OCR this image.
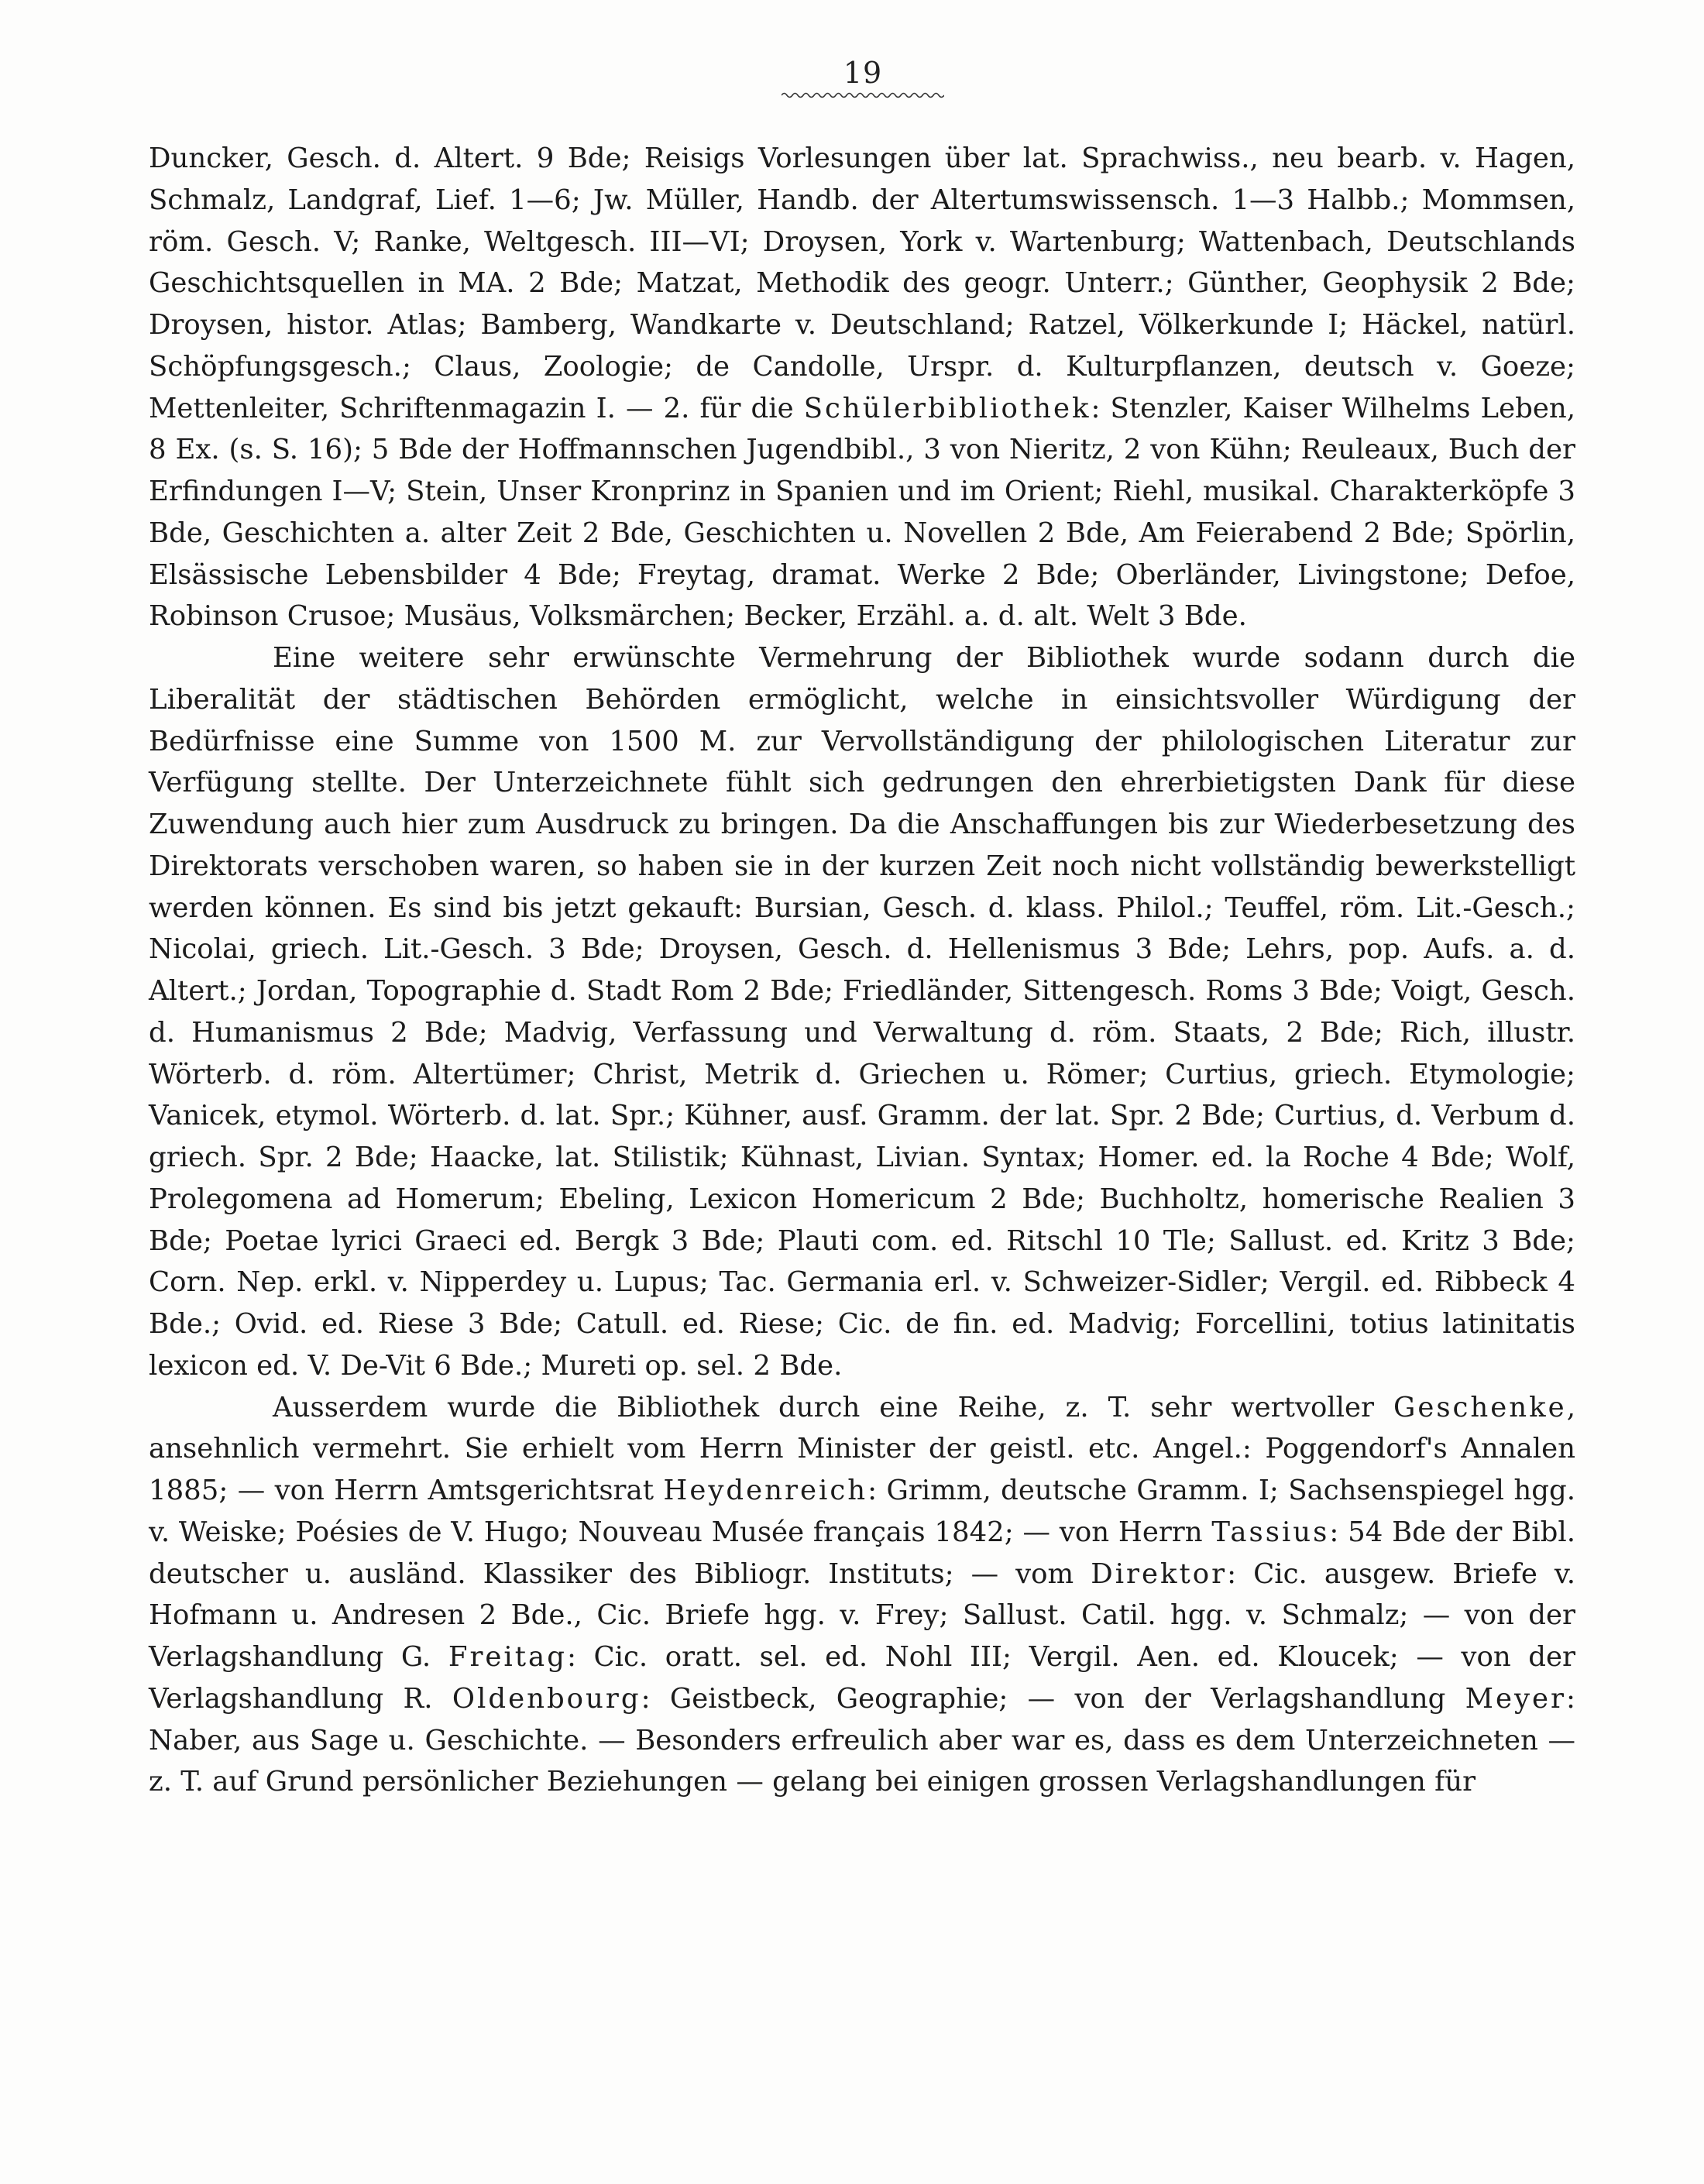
19

Duncker, Gesch. d. Altert. 9 Bde; Reisigs Vorlesungen über lat. Sprachwiss., neu bearb. v. Hagen, Schmalz, Landgraf, Lief. 1—6; Jw. Müller, Handb. der Altertumswissensch. 1—3 Halbb.; Mommsen, röm. Gesch. V; Ranke, Weltgesch. III—VI; Droysen, York v. Wartenburg; Wattenbach, Deutschlands Geschichtsquellen in MA. 2 Bde; Matzat, Methodik des geogr. Unterr.; Günther, Geophysik 2 Bde; Droysen, histor. Atlas; Bamberg, Wandkarte v. Deutschland; Ratzel, Völkerkunde I; Häckel, natürl. Schöpfungsgesch.; Claus, Zoologie; de Candolle, Urspr. d. Kulturpflanzen, deutsch v. Goeze; Mettenleiter, Schriftenmagazin I. — 2. für die Schülerbibliothek: Stenzler, Kaiser Wilhelms Leben, 8 Ex. (s. S. 16); 5 Bde der Hoffmannschen Jugendbibl., 3 von Nieritz, 2 von Kühn; Reuleaux, Buch der Erfindungen I—V; Stein, Unser Kronprinz in Spanien und im Orient; Riehl, musikal. Charakterköpfe 3 Bde, Geschichten a. alter Zeit 2 Bde, Geschichten u. Novellen 2 Bde, Am Feierabend 2 Bde; Spörlin, Elsässische Lebensbilder 4 Bde; Freytag, dramat. Werke 2 Bde; Oberländer, Livingstone; Defoe, Robinson Crusoe; Musäus, Volksmärchen; Becker, Erzähl. a. d. alt. Welt 3 Bde.

Eine weitere sehr erwünschte Vermehrung der Bibliothek wurde sodann durch die Liberalität der städtischen Behörden ermöglicht, welche in einsichtsvoller Würdigung der Bedürfnisse eine Summe von 1500 M. zur Vervollständigung der philologischen Literatur zur Verfügung stellte. Der Unterzeichnete fühlt sich gedrungen den ehrerbietigsten Dank für diese Zuwendung auch hier zum Ausdruck zu bringen. Da die Anschaffungen bis zur Wiederbesetzung des Direktorats verschoben waren, so haben sie in der kurzen Zeit noch nicht vollständig bewerkstelligt werden können. Es sind bis jetzt gekauft: Bursian, Gesch. d. klass. Philol.; Teuffel, röm. Lit.-Gesch.; Nicolai, griech. Lit.-Gesch. 3 Bde; Droysen, Gesch. d. Hellenismus 3 Bde; Lehrs, pop. Aufs. a. d. Altert.; Jordan, Topographie d. Stadt Rom 2 Bde; Friedländer, Sittengesch. Roms 3 Bde; Voigt, Gesch. d. Humanismus 2 Bde; Madvig, Verfassung und Verwaltung d. röm. Staats, 2 Bde; Rich, illustr. Wörterb. d. röm. Altertümer; Christ, Metrik d. Griechen u. Römer; Curtius, griech. Etymologie; Vanicek, etymol. Wörterb. d. lat. Spr.; Kühner, ausf. Gramm. der lat. Spr. 2 Bde; Curtius, d. Verbum d. griech. Spr. 2 Bde; Haacke, lat. Stilistik; Kühnast, Livian. Syntax; Homer. ed. la Roche 4 Bde; Wolf, Prolegomena ad Homerum; Ebeling, Lexicon Homericum 2 Bde; Buchholtz, homerische Realien 3 Bde; Poetae lyrici Graeci ed. Bergk 3 Bde; Plauti com. ed. Ritschl 10 Tle; Sallust. ed. Kritz 3 Bde; Corn. Nep. erkl. v. Nipperdey u. Lupus; Tac. Germania erl. v. Schweizer-Sidler; Vergil. ed. Ribbeck 4 Bde.; Ovid. ed. Riese 3 Bde; Catull. ed. Riese; Cic. de fin. ed. Madvig; Forcellini, totius latinitatis lexicon ed. V. De-Vit 6 Bde.; Mureti op. sel. 2 Bde.

Ausserdem wurde die Bibliothek durch eine Reihe, z. T. sehr wertvoller Geschenke, ansehnlich vermehrt. Sie erhielt vom Herrn Minister der geistl. etc. Angel.: Poggendorf's Annalen 1885; — von Herrn Amtsgerichtsrat Heydenreich: Grimm, deutsche Gramm. I; Sachsenspiegel hgg. v. Weiske; Poésies de V. Hugo; Nouveau Musée français 1842; — von Herrn Tassius: 54 Bde der Bibl. deutscher u. ausländ. Klassiker des Bibliogr. Instituts; — vom Direktor: Cic. ausgew. Briefe v. Hofmann u. Andresen 2 Bde., Cic. Briefe hgg. v. Frey; Sallust. Catil. hgg. v. Schmalz; — von der Verlagshandlung G. Freitag: Cic. oratt. sel. ed. Nohl III; Vergil. Aen. ed. Kloucek; — von der Verlagshandlung R. Oldenbourg: Geistbeck, Geographie; — von der Verlagshandlung Meyer: Naber, aus Sage u. Geschichte. — Besonders erfreulich aber war es, dass es dem Unterzeichneten — z. T. auf Grund persönlicher Beziehungen — gelang bei einigen grossen Verlagshandlungen für
